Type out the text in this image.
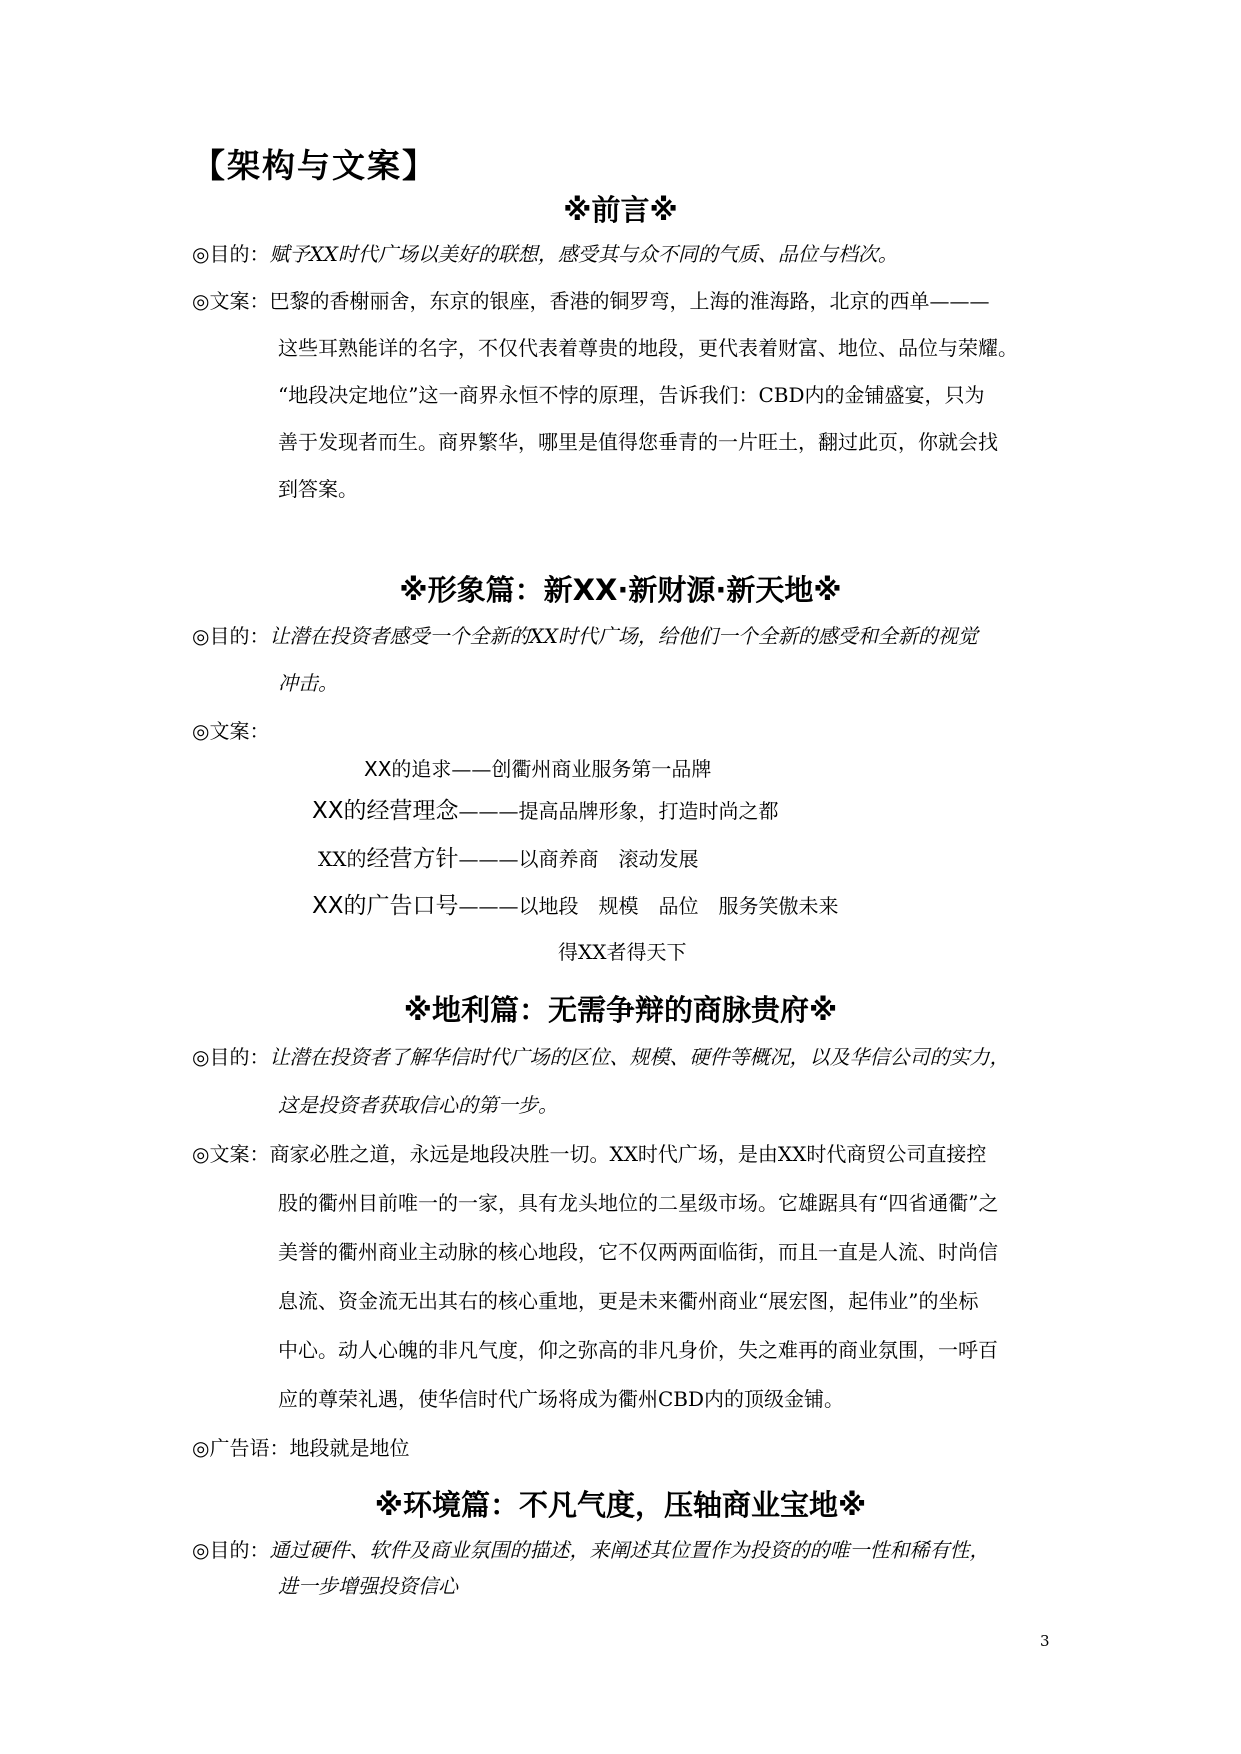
【架构与文案】
※前言※
◎目的：赋予XX时代广场以美好的联想，感受其与众不同的气质、品位与档次。
◎文案：巴黎的香榭丽舍，东京的银座，香港的铜罗弯，上海的淮海路，北京的西单———
这些耳熟能详的名字，不仅代表着尊贵的地段，更代表着财富、地位、品位与荣耀。
“地段决定地位”这一商界永恒不悖的原理，告诉我们：CBD内的金铺盛宴，只为
善于发现者而生。商界繁华，哪里是值得您垂青的一片旺土，翻过此页，你就会找
到答案。
※形象篇：新XX·新财源·新天地※
◎目的：让潜在投资者感受一个全新的XX时代广场，给他们一个全新的感受和全新的视觉
冲击。
◎文案：
XX的追求——创衢州商业服务第一品牌
XX的经营理念———提高品牌形象，打造时尚之都
XX的经营方针———以商养商　滚动发展
XX的广告口号———以地段　规模　品位　服务笑傲未来
得XX者得天下
※地利篇：无需争辩的商脉贵府※
◎目的：让潜在投资者了解华信时代广场的区位、规模、硬件等概况，以及华信公司的实力，
这是投资者获取信心的第一步。
◎文案：商家必胜之道，永远是地段决胜一切。XX时代广场，是由XX时代商贸公司直接控
股的衢州目前唯一的一家，具有龙头地位的二星级市场。它雄踞具有“四省通衢”之
美誉的衢州商业主动脉的核心地段，它不仅两两面临街，而且一直是人流、时尚信
息流、资金流无出其右的核心重地，更是未来衢州商业“展宏图，起伟业”的坐标
中心。动人心魄的非凡气度，仰之弥高的非凡身价，失之难再的商业氛围，一呼百
应的尊荣礼遇，使华信时代广场将成为衢州CBD内的顶级金铺。
◎广告语：地段就是地位
※环境篇：不凡气度，压轴商业宝地※
◎目的：通过硬件、软件及商业氛围的描述，来阐述其位置作为投资的的唯一性和稀有性，
进一步增强投资信心
3
